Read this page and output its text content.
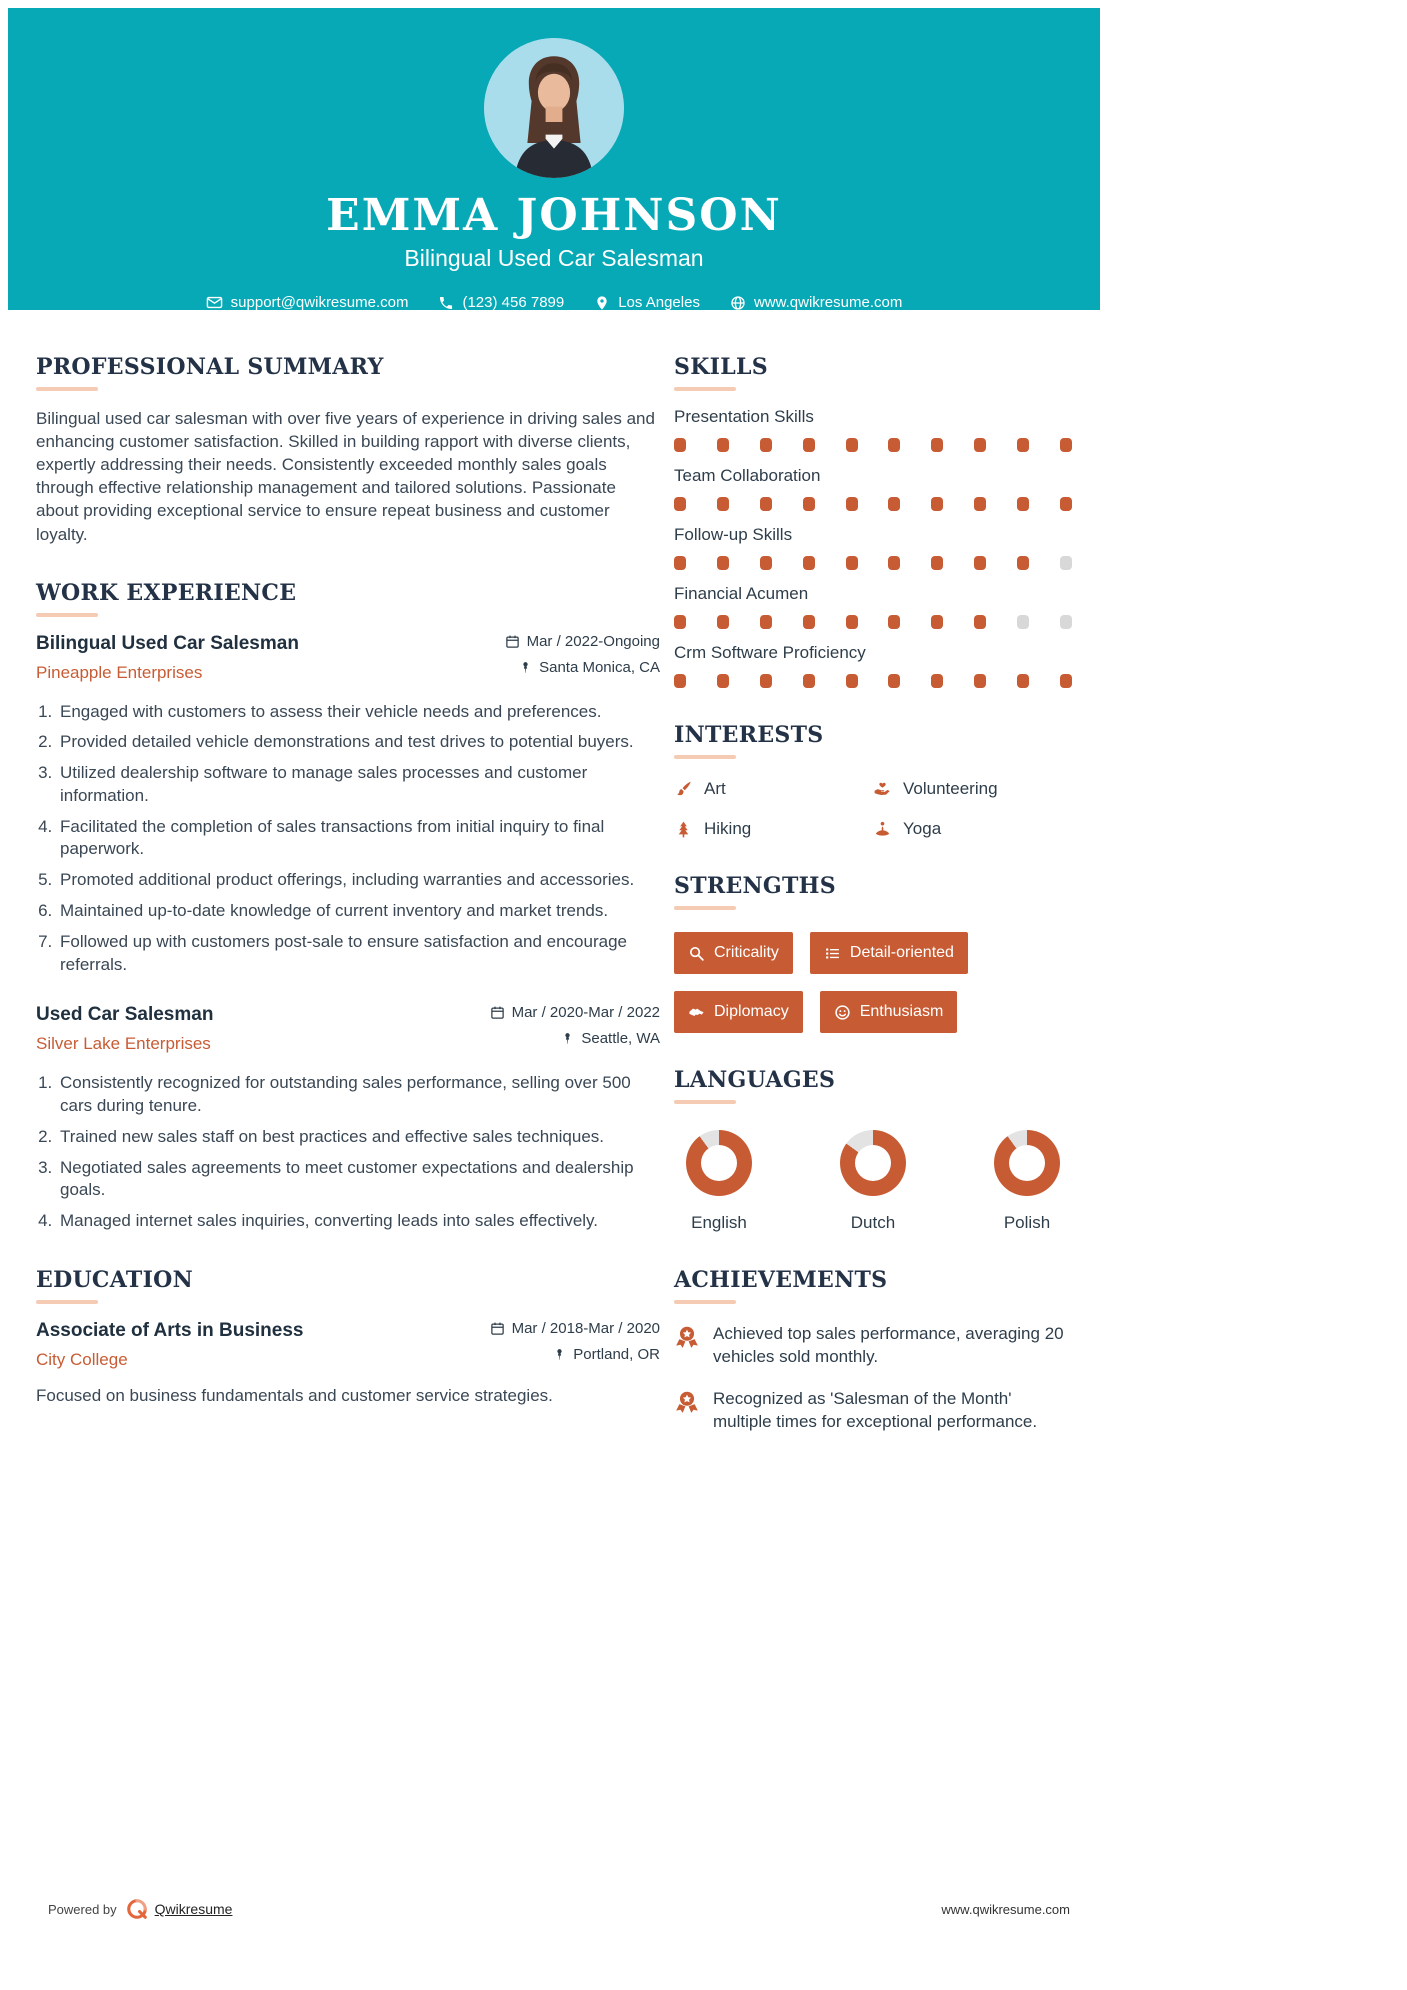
EMMA JOHNSON
Bilingual Used Car Salesman
support@qwikresume.com	(123) 456 7899	Los Angeles	www.qwikresume.com
PROFESSIONAL SUMMARY

Bilingual used car salesman with over five years of experience in driving sales and enhancing customer satisfaction. Skilled in building rapport with diverse clients, expertly addressing their needs. Consistently exceeded monthly sales goals through effective relationship management and tailored solutions. Passionate about providing exceptional service to ensure repeat business and customer loyalty.

WORK EXPERIENCE
Bilingual Used Car Salesman
Pineapple Enterprises
Mar / 2022-Ongoing
Santa Monica, CA
1. Engaged with customers to assess their vehicle needs and preferences.
2. Provided detailed vehicle demonstrations and test drives to potential buyers.
3. Utilized dealership software to manage sales processes and customer information.
4. Facilitated the completion of sales transactions from initial inquiry to final paperwork.
5. Promoted additional product offerings, including warranties and accessories.
6. Maintained up-to-date knowledge of current inventory and market trends.
7. Followed up with customers post-sale to ensure satisfaction and encourage referrals.
Used Car Salesman
Silver Lake Enterprises
Mar / 2020-Mar / 2022
Seattle, WA
1. Consistently recognized for outstanding sales performance, selling over 500 cars during tenure.
2. Trained new sales staff on best practices and effective sales techniques.
3. Negotiated sales agreements to meet customer expectations and dealership goals.
4. Managed internet sales inquiries, converting leads into sales effectively.
EDUCATION
Associate of Arts in Business
City College
Mar / 2018-Mar / 2020
Portland, OR

Focused on business fundamentals and customer service strategies.

SKILLS
Presentation Skills
Team Collaboration
Follow-up Skills
Financial Acumen
Crm Software Proficiency
INTERESTS
Art	Volunteering
Hiking	Yoga
STRENGTHS
Criticality	Detail-oriented
Diplomacy	Enthusiasm
LANGUAGES
English	Dutch	Polish
ACHIEVEMENTS
Achieved top sales performance, averaging 20 vehicles sold monthly.
Recognized as 'Salesman of the Month' multiple times for exceptional performance.
Powered by	Qwikresume	www.qwikresume.com
